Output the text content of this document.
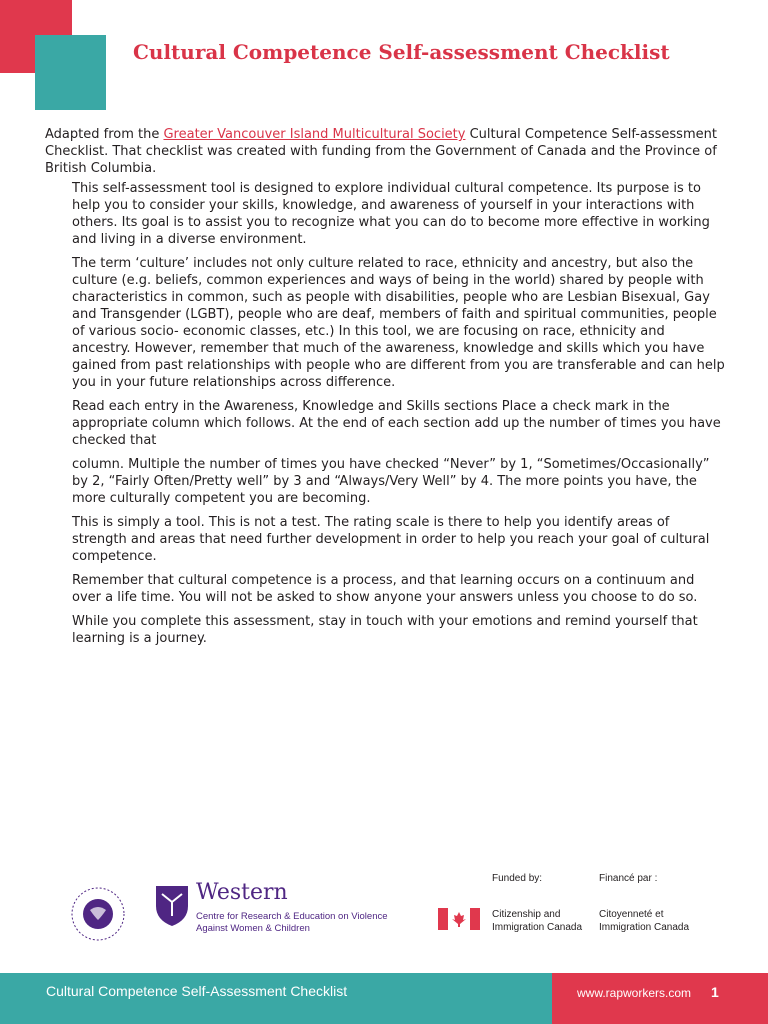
Cultural Competence Self-assessment Checklist

Adapted from the Greater Vancouver Island Multicultural Society Cultural Competence Self-assessment Checklist. That checklist was created with funding from the Government of Canada and the Province of British Columbia.

This self-assessment tool is designed to explore individual cultural competence. Its purpose is to help you to consider your skills, knowledge, and awareness of yourself in your interactions with others. Its goal is to assist you to recognize what you can do to become more effective in working and living in a diverse environment.

The term ‘culture’ includes not only culture related to race, ethnicity and ancestry, but also the culture (e.g. beliefs, common experiences and ways of being in the world) shared by people with characteristics in common, such as people with disabilities, people who are Lesbian Bisexual, Gay and Transgender (LGBT), people who are deaf, members of faith and spiritual communities, people of various socio- economic classes, etc.) In this tool, we are focusing on race, ethnicity and ancestry. However, remember that much of the awareness, knowledge and skills which you have gained from past relationships with people who are different from you are transferable and can help you in your future relationships across difference.

Read each entry in the Awareness, Knowledge and Skills sections Place a check mark in the appropriate column which follows. At the end of each section add up the number of times you have checked that

column. Multiple the number of times you have checked “Never” by 1, “Sometimes/Occasionally” by 2, “Fairly Often/Pretty well” by 3 and “Always/Very Well” by 4. The more points you have, the more culturally competent you are becoming.

This is simply a tool. This is not a test. The rating scale is there to help you identify areas of strength and areas that need further development in order to help you reach your goal of cultural competence.

Remember that cultural competence is a process, and that learning occurs on a continuum and over a life time. You will not be asked to show anyone your answers unless you choose to do so.

While you complete this assessment, stay in touch with your emotions and remind yourself that learning is a journey.

Western
Centre for Research & Education on Violence Against Women & Children
Funded by:	Financé par :
Citizenship and
Immigration Canada
Citoyenneté et
Immigration Canada
Cultural Competence Self-Assessment Checklist	www.rapworkers.com 1
